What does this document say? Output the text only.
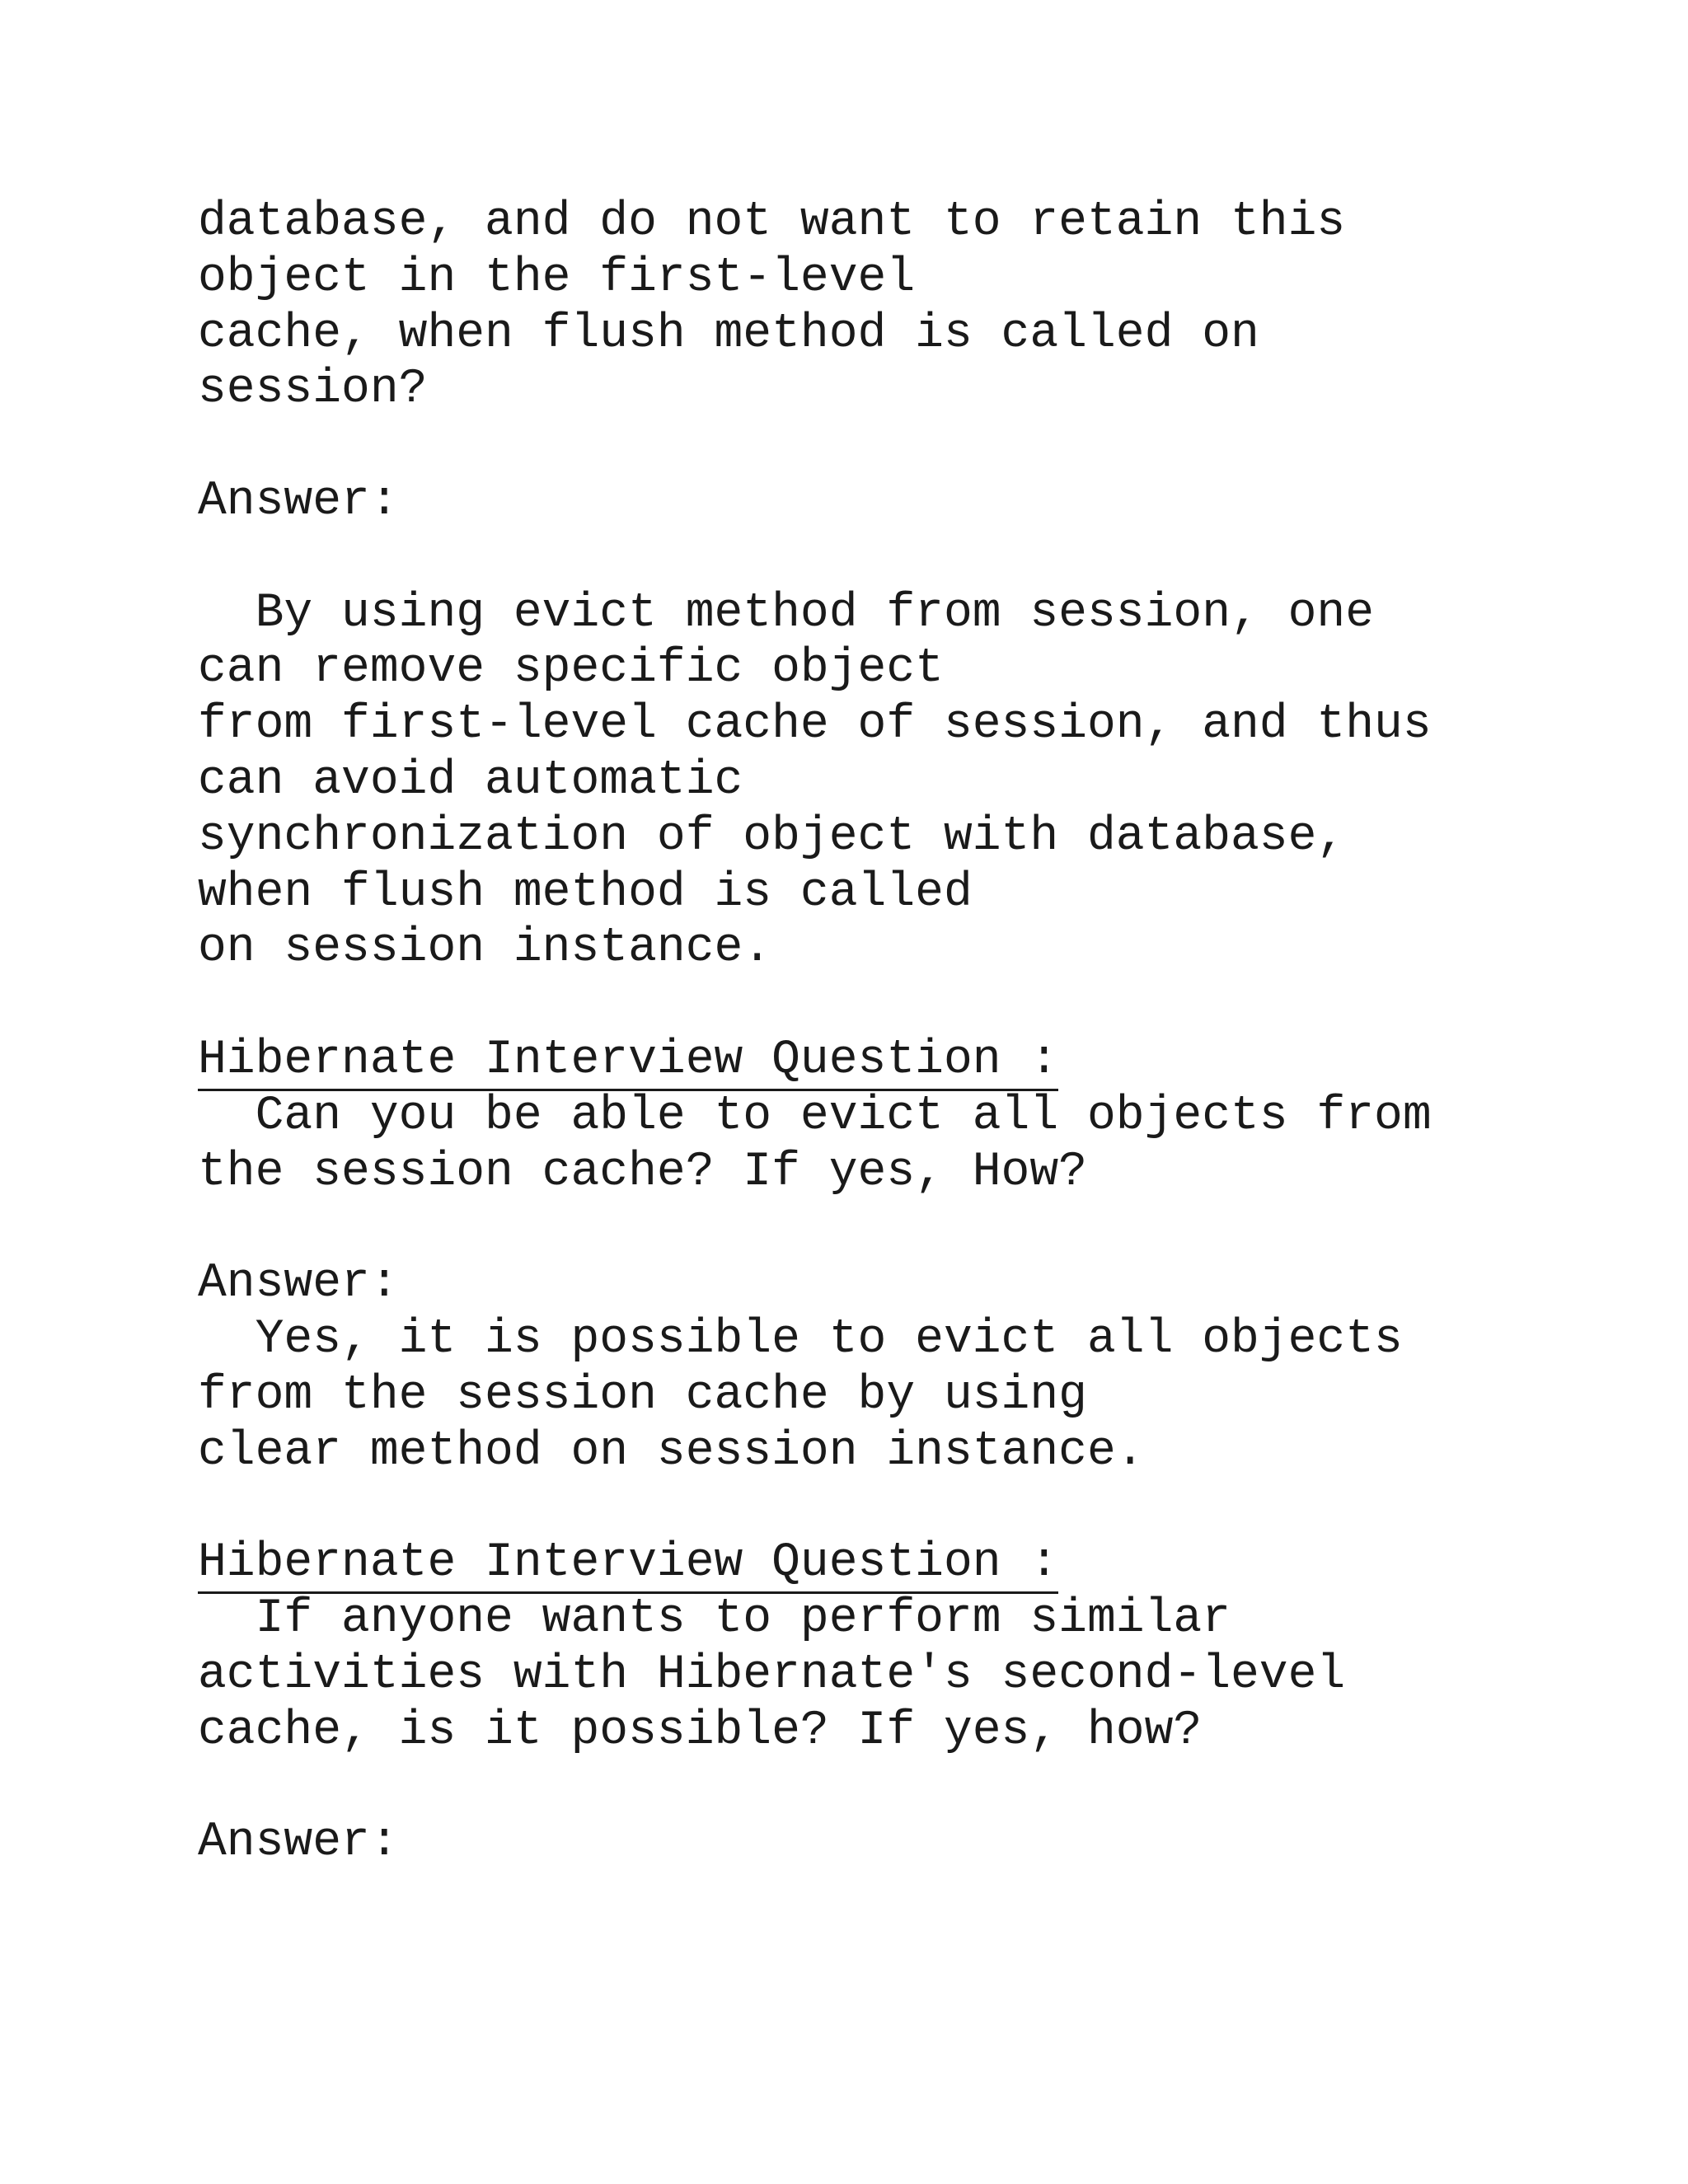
database, and do not want to retain this
object in the first-level
cache, when flush method is called on
session?
Answer:
By using evict method from session, one
can remove specific object
from first-level cache of session, and thus
can avoid automatic
synchronization of object with database,
when flush method is called
on session instance.
Hibernate Interview Question :
Can you be able to evict all objects from
the session cache? If yes, How?
Answer:
Yes, it is possible to evict all objects
from the session cache by using
clear method on session instance.
Hibernate Interview Question :
If anyone wants to perform similar
activities with Hibernate's second-level
cache, is it possible? If yes, how?
Answer:
